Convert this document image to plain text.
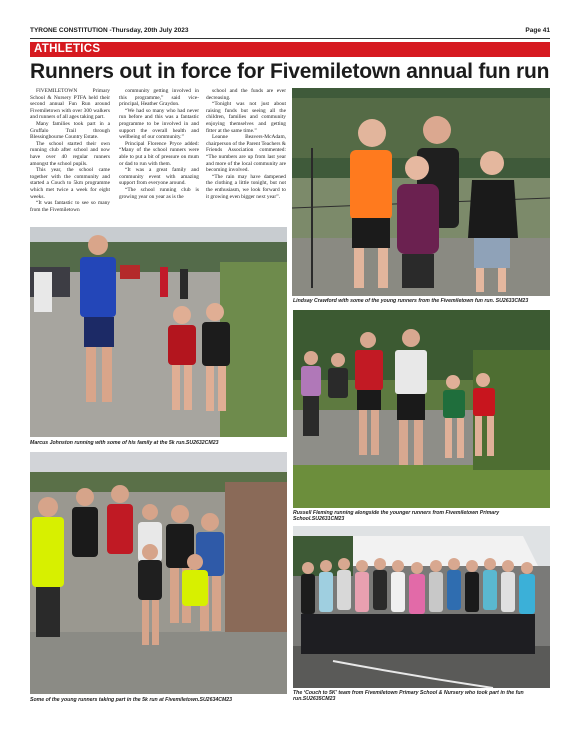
TYRONE CONSTITUTION -Thursday, 20th July 2023	Page 41
ATHLETICS
Runners out in force for Fivemiletown annual fun run

FIVEMILETOWN Primary School & Nursery PTFA held their second annual Fun Run around Fivemiletown with over 300 walkers and runners of all ages taking part.

Many families took part in a Gruffalo Trail through Blessingbourne Country Estate.

The school started their own running club after school and now have over 40 regular runners amongst the school pupils.

This year, the school came together with the community and started a Couch to 5km programme which met twice a week for eight weeks.

“It was fantastic to see so many from the Fivemiletown

community getting involved in this programme,” said vice-principal, Heather Graydon.

“We had so many who had never run before and this was a fantastic programme to be involved in and support the overall health and wellbeing of our community.”

Principal Florence Pryce added: “Many of the school runners were able to put a bit of pressure on mum or dad to run with them.

“It was a great family and community event with amazing support from everyone around.

“The school running club is growing year on year as is the

school and the funds are ever decreasing.

“Tonight was not just about raising funds but seeing all the children, families and community enjoying themselves and getting fitter at the same time.”

Leanne Beavers-McAdam, chairperson of the Parent Teachers & Friends Association commented: “The numbers are up from last year and more of the local community are becoming involved.

“The rain may have dampened the clothing a little tonight, but not the enthusiasm, we look forward to it growing even bigger next year”.

Lindsay Crawford with some of the young runners from the Fivemiletown fun run. SU2633CM23
Marcus Johnston running with some of his family at the 5k run.SU2632CM23
Russell Fleming running alongside the younger runners from Fivemiletown Primary School.SU2631CM23
Some of the young runners taking part in the 5k run at Fivemiletown.SU2634CM23
The ‘Couch to 5K’ team from Fivemiletown Primary School & Nursery who took part in the fun run.SU2635CM23
